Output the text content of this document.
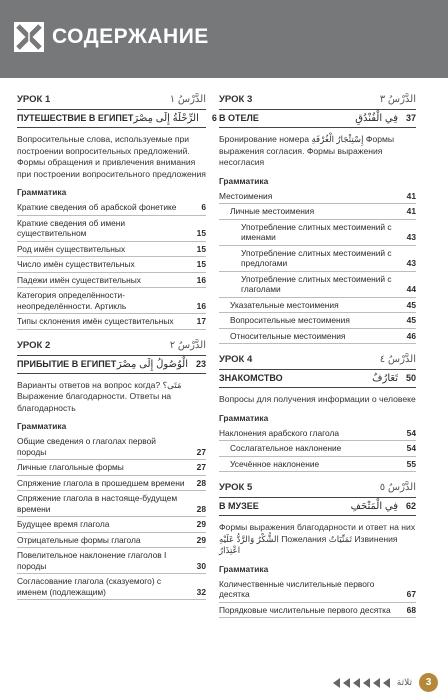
СОДЕРЖАНИЕ
УРОК 1	الدَّرْسُ ١
ПУТЕШЕСТВИЕ В ЕГИПЕТ الرِّحْلَةُ إِلَى مِصْرَ	6
Вопросительные слова, используемые при построении вопросительных предложений. Формы обращения и привлечения внимания при построении вопросительного предложения
Грамматика
Краткие сведения об арабской фонетике	6
Краткие сведения об имени существительном	15
Род имён существительных	15
Число имён существительных	15
Падежи имён существительных	16
Категория определённости-неопределённости. Артикль	16
Типы склонения имён существительных	17
УРОК 2	الدَّرْسُ ٢
ПРИБЫТИЕ В ЕГИПЕТ الْوُصُولُ إِلَى مِصْرَ 23
Варианты ответов на вопрос когда? مَتَى؟ Выражение благодарности. Ответы на благодарность
Грамматика
Общие сведения о глаголах первой породы	27
Личные глагольные формы	27
Спряжение глагола в прошедшем времени	28
Спряжение глагола в настояще-будущем времени	28
Будущее время глагола	29
Отрицательные формы глагола	29
Повелительное наклонение глаголов I породы	30
Согласование глагола (сказуемого) с именем (подлежащим)	32
УРОК 3	الدَّرْسُ ٣
В ОТЕЛЕ	فِي الْفُنْدُقِ 37
Бронирование номера إِسْتِئْجَارُ الْغُرْفَةِ Формы выражения согласия. Формы выражения несогласия
Грамматика
Местоимения	41
Личные местоимения	41
Употребление слитных местоимений с именами	43
Употребление слитных местоимений с предлогами	43
Употребление слитных местоимений с глаголами	44
Указательные местоимения	45
Вопросительные местоимения	45
Относительные местоимения	46
УРОК 4	الدَّرْسُ ٤
ЗНАКОМСТВО	تَعَارُفٌ 50
Вопросы для получения информации о человеке
Грамматика
Наклонения арабского глагола	54
Сослагательное наклонение	54
Усечённое наклонение	55
УРОК 5	الدَّرْسُ ٥
В МУЗЕЕ	فِي الْمَتْحَفِ 62
Формы выражения благодарности и ответ на них الشُّكْرُ وَالرَّدُّ عَلَيْهِ Пожелания تَمَنِّيَاتٌ Извинения اعْتِذَارٌ
Грамматика
Количественные числительные первого десятка	67
Порядковые числительные первого десятка	68
ثلاثة	3
